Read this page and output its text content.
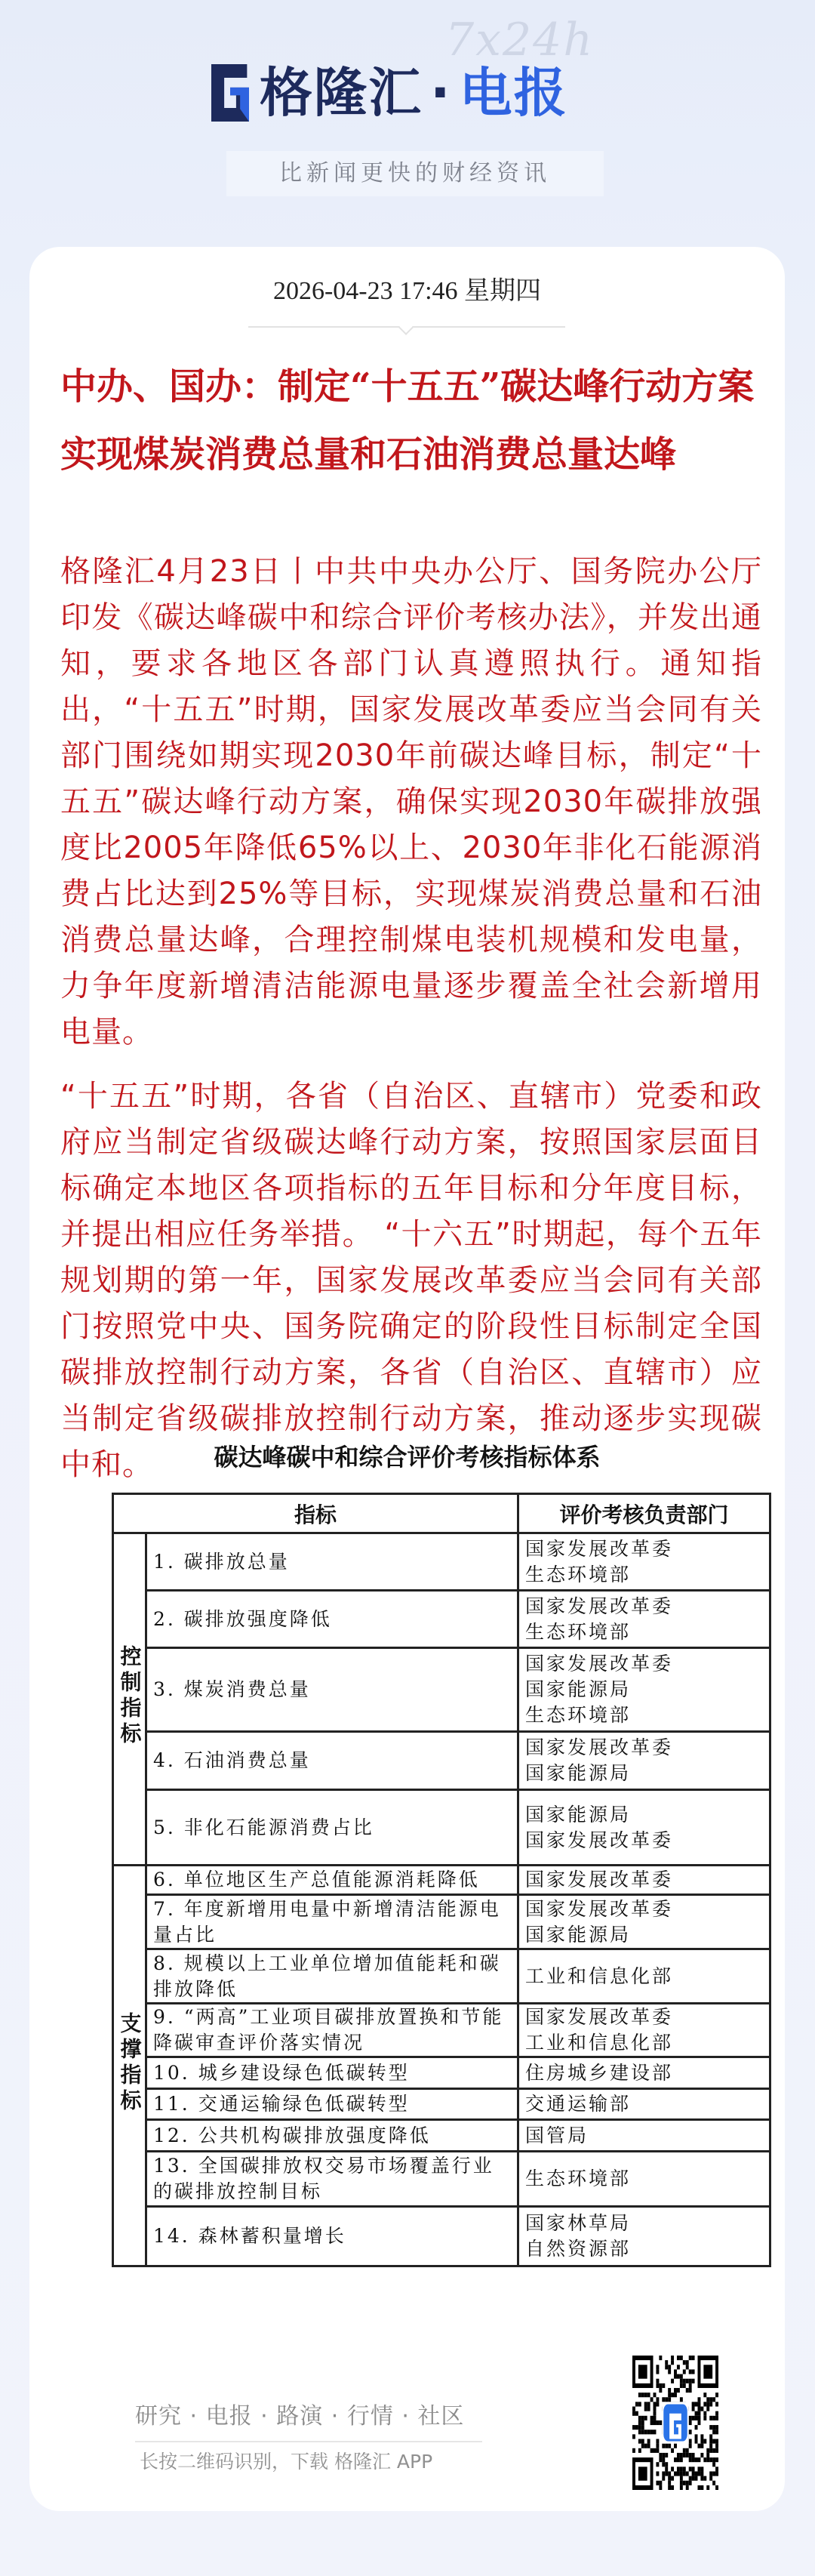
7x24h
格隆汇 · 电报
比新闻更快的财经资讯
2026-04-23 17:46 星期四
中办、国办：制定“十五五”碳达峰行动方案 实现煤炭消费总量和石油消费总量达峰
格隆汇4月23日丨中共中央办公厅、国务院办公厅印发《碳达峰碳中和综合评价考核办法》，并发出通知，要求各地区各部门认真遵照执行。通知指出，“十五五”时期，国家发展改革委应当会同有关部门围绕如期实现2030年前碳达峰目标，制定“十五五”碳达峰行动方案，确保实现2030年碳排放强度比2005年降低65%以上、2030年非化石能源消费占比达到25%等目标，实现煤炭消费总量和石油消费总量达峰，合理控制煤电装机规模和发电量，力争年度新增清洁能源电量逐步覆盖全社会新增用电量。
“十五五”时期，各省（自治区、直辖市）党委和政府应当制定省级碳达峰行动方案，按照国家层面目标确定本地区各项指标的五年目标和分年度目标，并提出相应任务举措。 “十六五”时期起，每个五年规划期的第一年，国家发展改革委应当会同有关部门按照党中央、国务院确定的阶段性目标制定全国碳排放控制行动方案，各省（自治区、直辖市）应当制定省级碳排放控制行动方案，推动逐步实现碳中和。	碳达峰碳中和综合评价考核指标体系
指标		评价考核负责部门
控制指标	1. 碳排放总量	国家发展改革委
生态环境部

	2. 碳排放强度降低	国家发展改革委
生态环境部

	3. 煤炭消费总量	国家发展改革委
国家能源局
生态环境部

	4. 石油消费总量	国家发展改革委
国家能源局

	5. 非化石能源消费占比	国家能源局
国家发展改革委

支撑指标	6. 单位地区生产总值能源消耗降低	国家发展改革委

	7. 年度新增用电量中新增清洁能源电量占比	国家发展改革委
国家能源局

	8. 规模以上工业单位增加值能耗和碳排放降低	工业和信息化部

	9. “两高”工业项目碳排放置换和节能降碳审查评价落实情况	国家发展改革委
工业和信息化部

	10. 城乡建设绿色低碳转型	住房城乡建设部

	11. 交通运输绿色低碳转型	交通运输部

	12. 公共机构碳排放强度降低	国管局

	13. 全国碳排放权交易市场覆盖行业的碳排放控制目标	生态环境部

	14. 森林蓄积量增长	国家林草局
自然资源部
研究 · 电报 · 路演 · 行情 · 社区
长按二维码识别，下载 格隆汇 APP
